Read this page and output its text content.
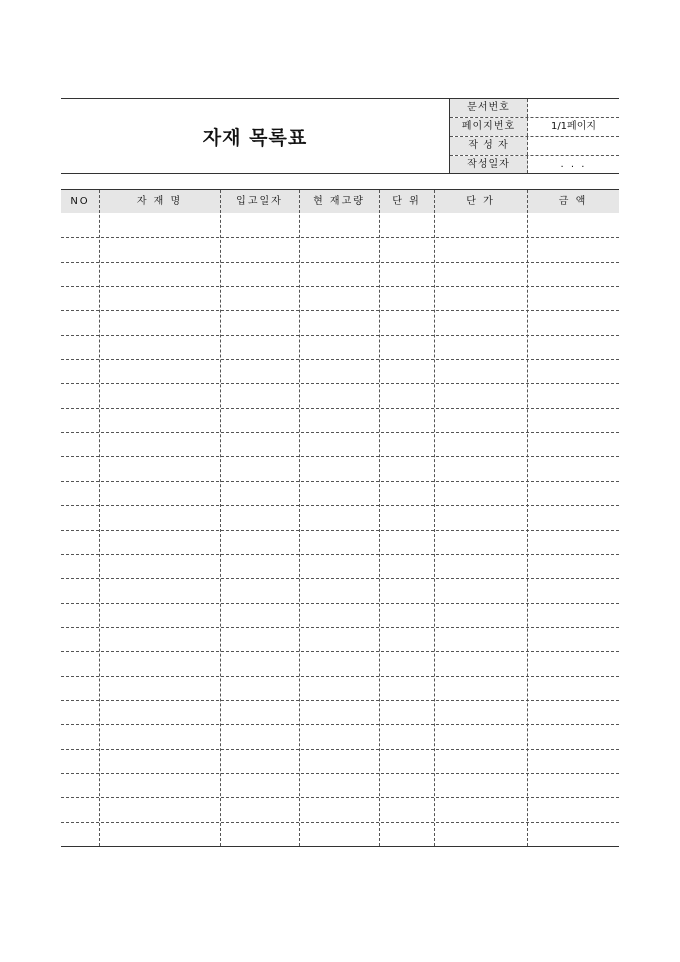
자재 목록표
문서번호
페이지번호	1/1페이지
작 성 자
작성일자	. . .
NO	자 재 명	입고일자	현 재고량	단 위	단 가	금 액
